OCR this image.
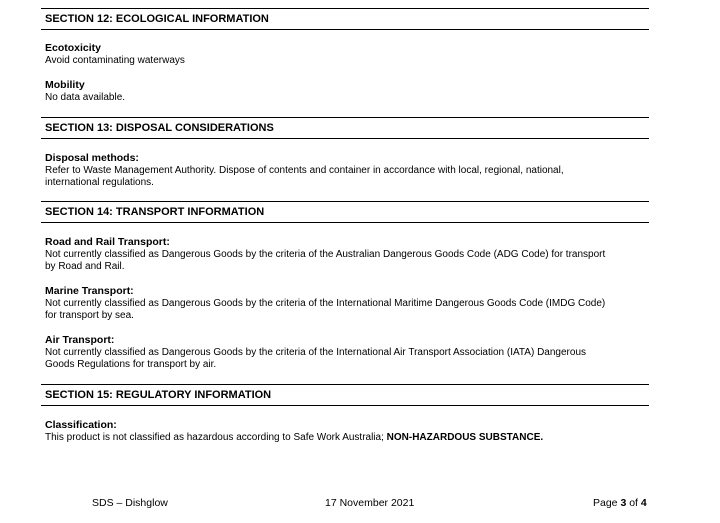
SECTION 12: ECOLOGICAL INFORMATION
Ecotoxicity
Avoid contaminating waterways
Mobility
No data available.
SECTION 13: DISPOSAL CONSIDERATIONS
Disposal methods:
Refer to Waste Management Authority. Dispose of contents and container in accordance with local, regional, national,
international regulations.
SECTION 14: TRANSPORT INFORMATION
Road and Rail Transport:
Not currently classified as Dangerous Goods by the criteria of the Australian Dangerous Goods Code (ADG Code) for transport
by Road and Rail.
Marine Transport:
Not currently classified as Dangerous Goods by the criteria of the International Maritime Dangerous Goods Code (IMDG Code)
for transport by sea.
Air Transport:
Not currently classified as Dangerous Goods by the criteria of the International Air Transport Association (IATA) Dangerous
Goods Regulations for transport by air.
SECTION 15: REGULATORY INFORMATION
Classification:
This product is not classified as hazardous according to Safe Work Australia; NON-HAZARDOUS SUBSTANCE.
SDS – Dishglow	17 November 2021	Page 3 of 4
